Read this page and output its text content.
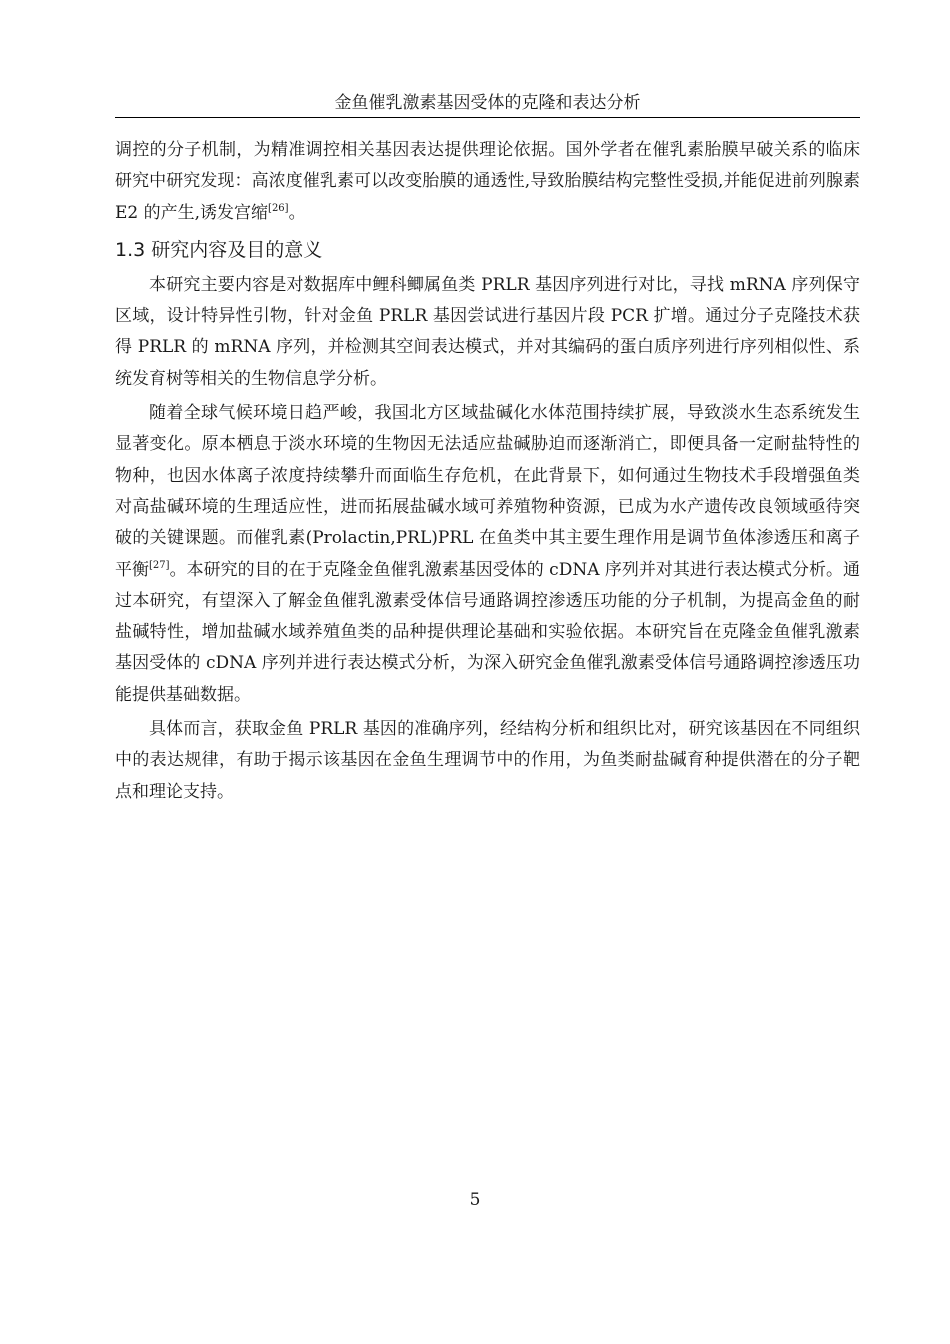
金鱼催乳激素基因受体的克隆和表达分析

调控的分子机制，为精准调控相关基因表达提供理论依据。国外学者在催乳素胎膜早破关系的临床研究中研究发现：高浓度催乳素可以改变胎膜的通透性,导致胎膜结构完整性受损,并能促进前列腺素 E2 的产生,诱发宫缩[26]。

1.3 研究内容及目的意义

本研究主要内容是对数据库中鲤科鲫属鱼类 PRLR 基因序列进行对比，寻找 mRNA 序列保守区域，设计特异性引物，针对金鱼 PRLR 基因尝试进行基因片段 PCR 扩增。通过分子克隆技术获得 PRLR 的 mRNA 序列，并检测其空间表达模式，并对其编码的蛋白质序列进行序列相似性、系统发育树等相关的生物信息学分析。

随着全球气候环境日趋严峻，我国北方区域盐碱化水体范围持续扩展，导致淡水生态系统发生显著变化。原本栖息于淡水环境的生物因无法适应盐碱胁迫而逐渐消亡，即便具备一定耐盐特性的物种，也因水体离子浓度持续攀升而面临生存危机，在此背景下，如何通过生物技术手段增强鱼类对高盐碱环境的生理适应性，进而拓展盐碱水域可养殖物种资源，已成为水产遗传改良领域亟待突破的关键课题。而催乳素(Prolactin,PRL)PRL 在鱼类中其主要生理作用是调节鱼体渗透压和离子平衡[27]。本研究的目的在于克隆金鱼催乳激素基因受体的 cDNA 序列并对其进行表达模式分析。通过本研究，有望深入了解金鱼催乳激素受体信号通路调控渗透压功能的分子机制，为提高金鱼的耐盐碱特性，增加盐碱水域养殖鱼类的品种提供理论基础和实验依据。本研究旨在克隆金鱼催乳激素基因受体的 cDNA 序列并进行表达模式分析，为深入研究金鱼催乳激素受体信号通路调控渗透压功能提供基础数据。

具体而言，获取金鱼 PRLR 基因的准确序列，经结构分析和组织比对，研究该基因在不同组织中的表达规律，有助于揭示该基因在金鱼生理调节中的作用，为鱼类耐盐碱育种提供潜在的分子靶点和理论支持。

5
